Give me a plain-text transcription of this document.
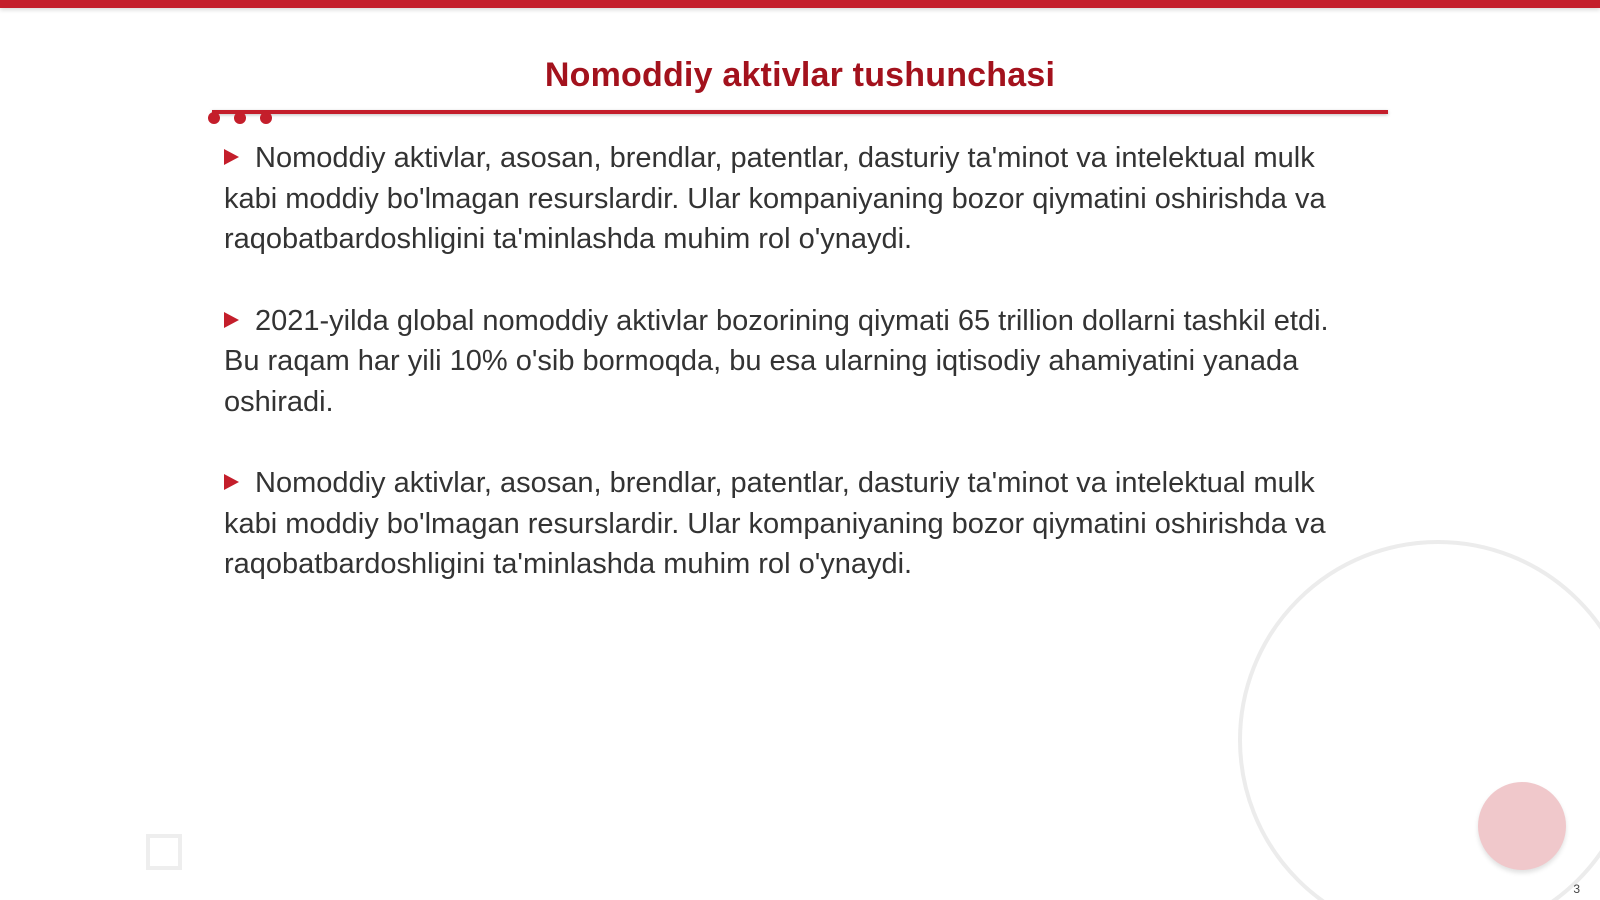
Nomoddiy aktivlar tushunchasi
Nomoddiy aktivlar, asosan, brendlar, patentlar, dasturiy ta'minot va intelektual mulk kabi moddiy bo'lmagan resurslardir. Ular kompaniyaning bozor qiymatini oshirishda va raqobatbardoshligini ta'minlashda muhim rol o'ynaydi.
2021-yilda global nomoddiy aktivlar bozorining qiymati 65 trillion dollarni tashkil etdi. Bu raqam har yili 10% o'sib bormoqda, bu esa ularning iqtisodiy ahamiyatini yanada oshiradi.
Nomoddiy aktivlar, asosan, brendlar, patentlar, dasturiy ta'minot va intelektual mulk kabi moddiy bo'lmagan resurslardir. Ular kompaniyaning bozor qiymatini oshirishda va raqobatbardoshligini ta'minlashda muhim rol o'ynaydi.
3
